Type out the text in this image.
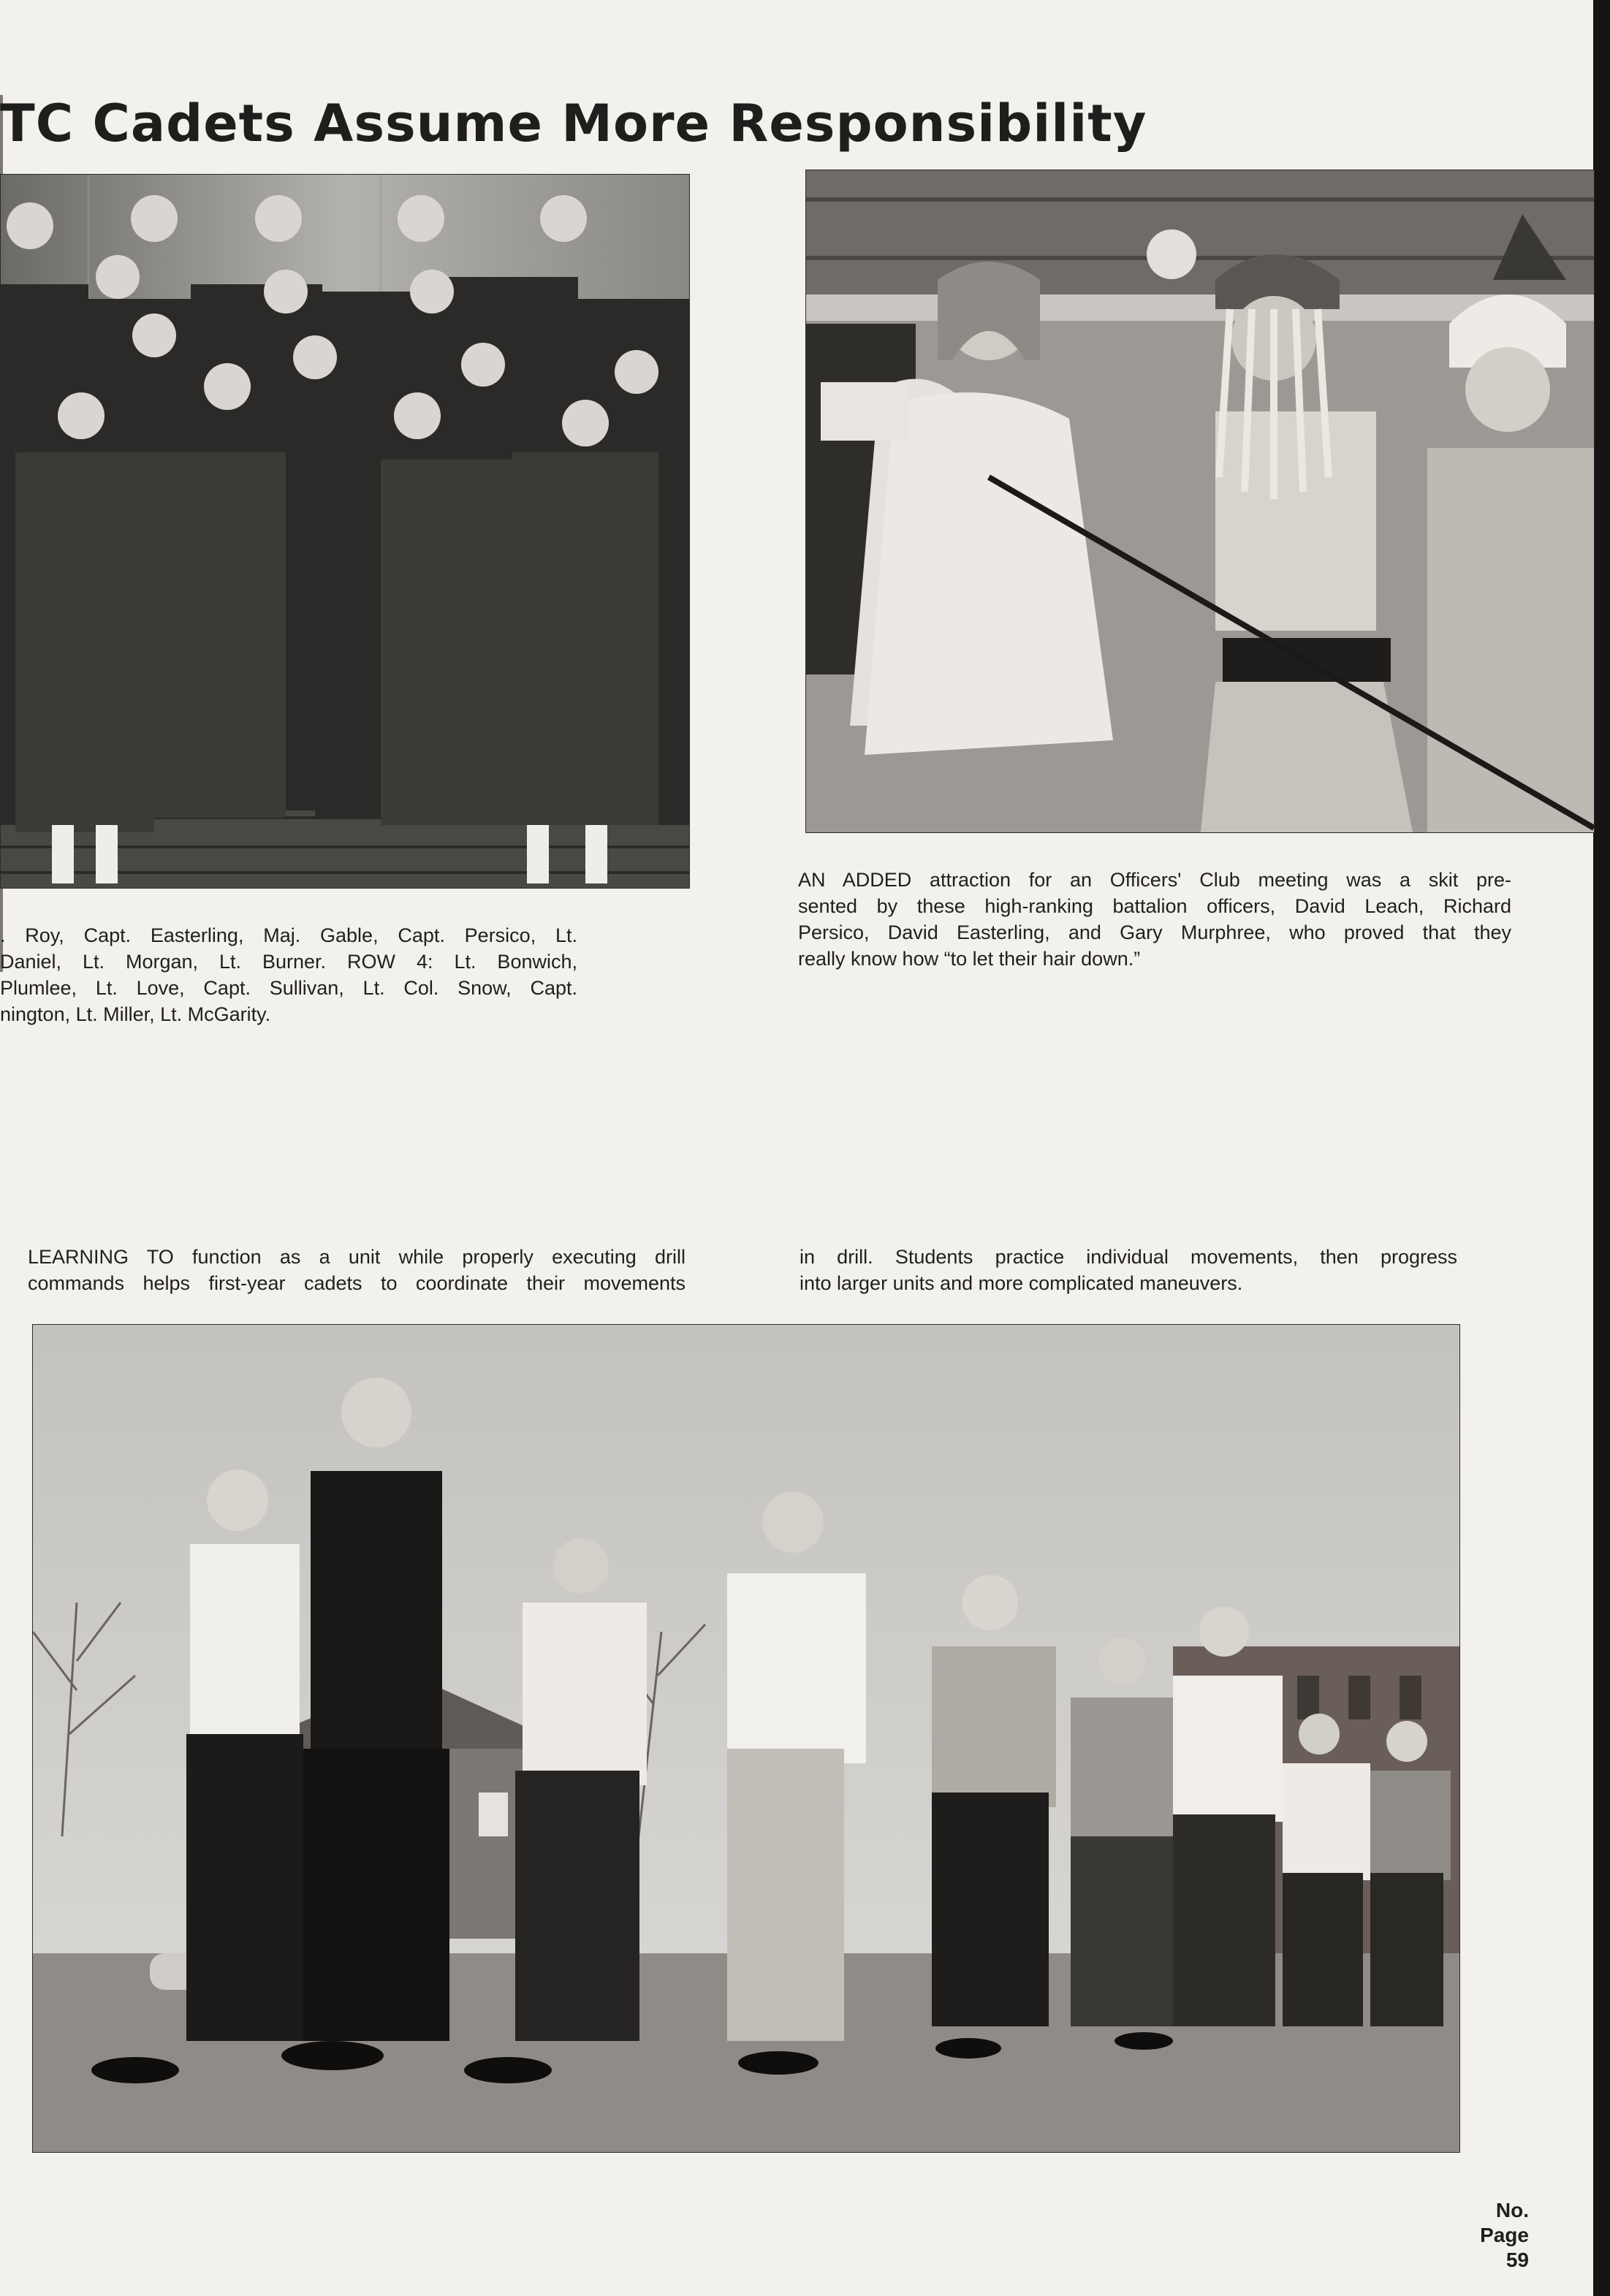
TC Cadets Assume More Responsibility

. Roy, Capt. Easterling, Maj. Gable, Capt. Persico, Lt.
Daniel, Lt. Morgan, Lt. Burner. ROW 4: Lt. Bonwich,
Plumlee, Lt. Love, Capt. Sullivan, Lt. Col. Snow, Capt.
nington, Lt. Miller, Lt. McGarity.

AN ADDED attraction for an Officers' Club meeting was a skit pre-
sented by these high-ranking battalion officers, David Leach, Richard
Persico, David Easterling, and Gary Murphree, who proved that they
really know how “to let their hair down.”

LEARNING TO function as a unit while properly executing drill
commands helps first-year cadets to coordinate their movements

in drill. Students practice individual movements, then progress
into larger units and more complicated maneuvers.

No.
Page
59
